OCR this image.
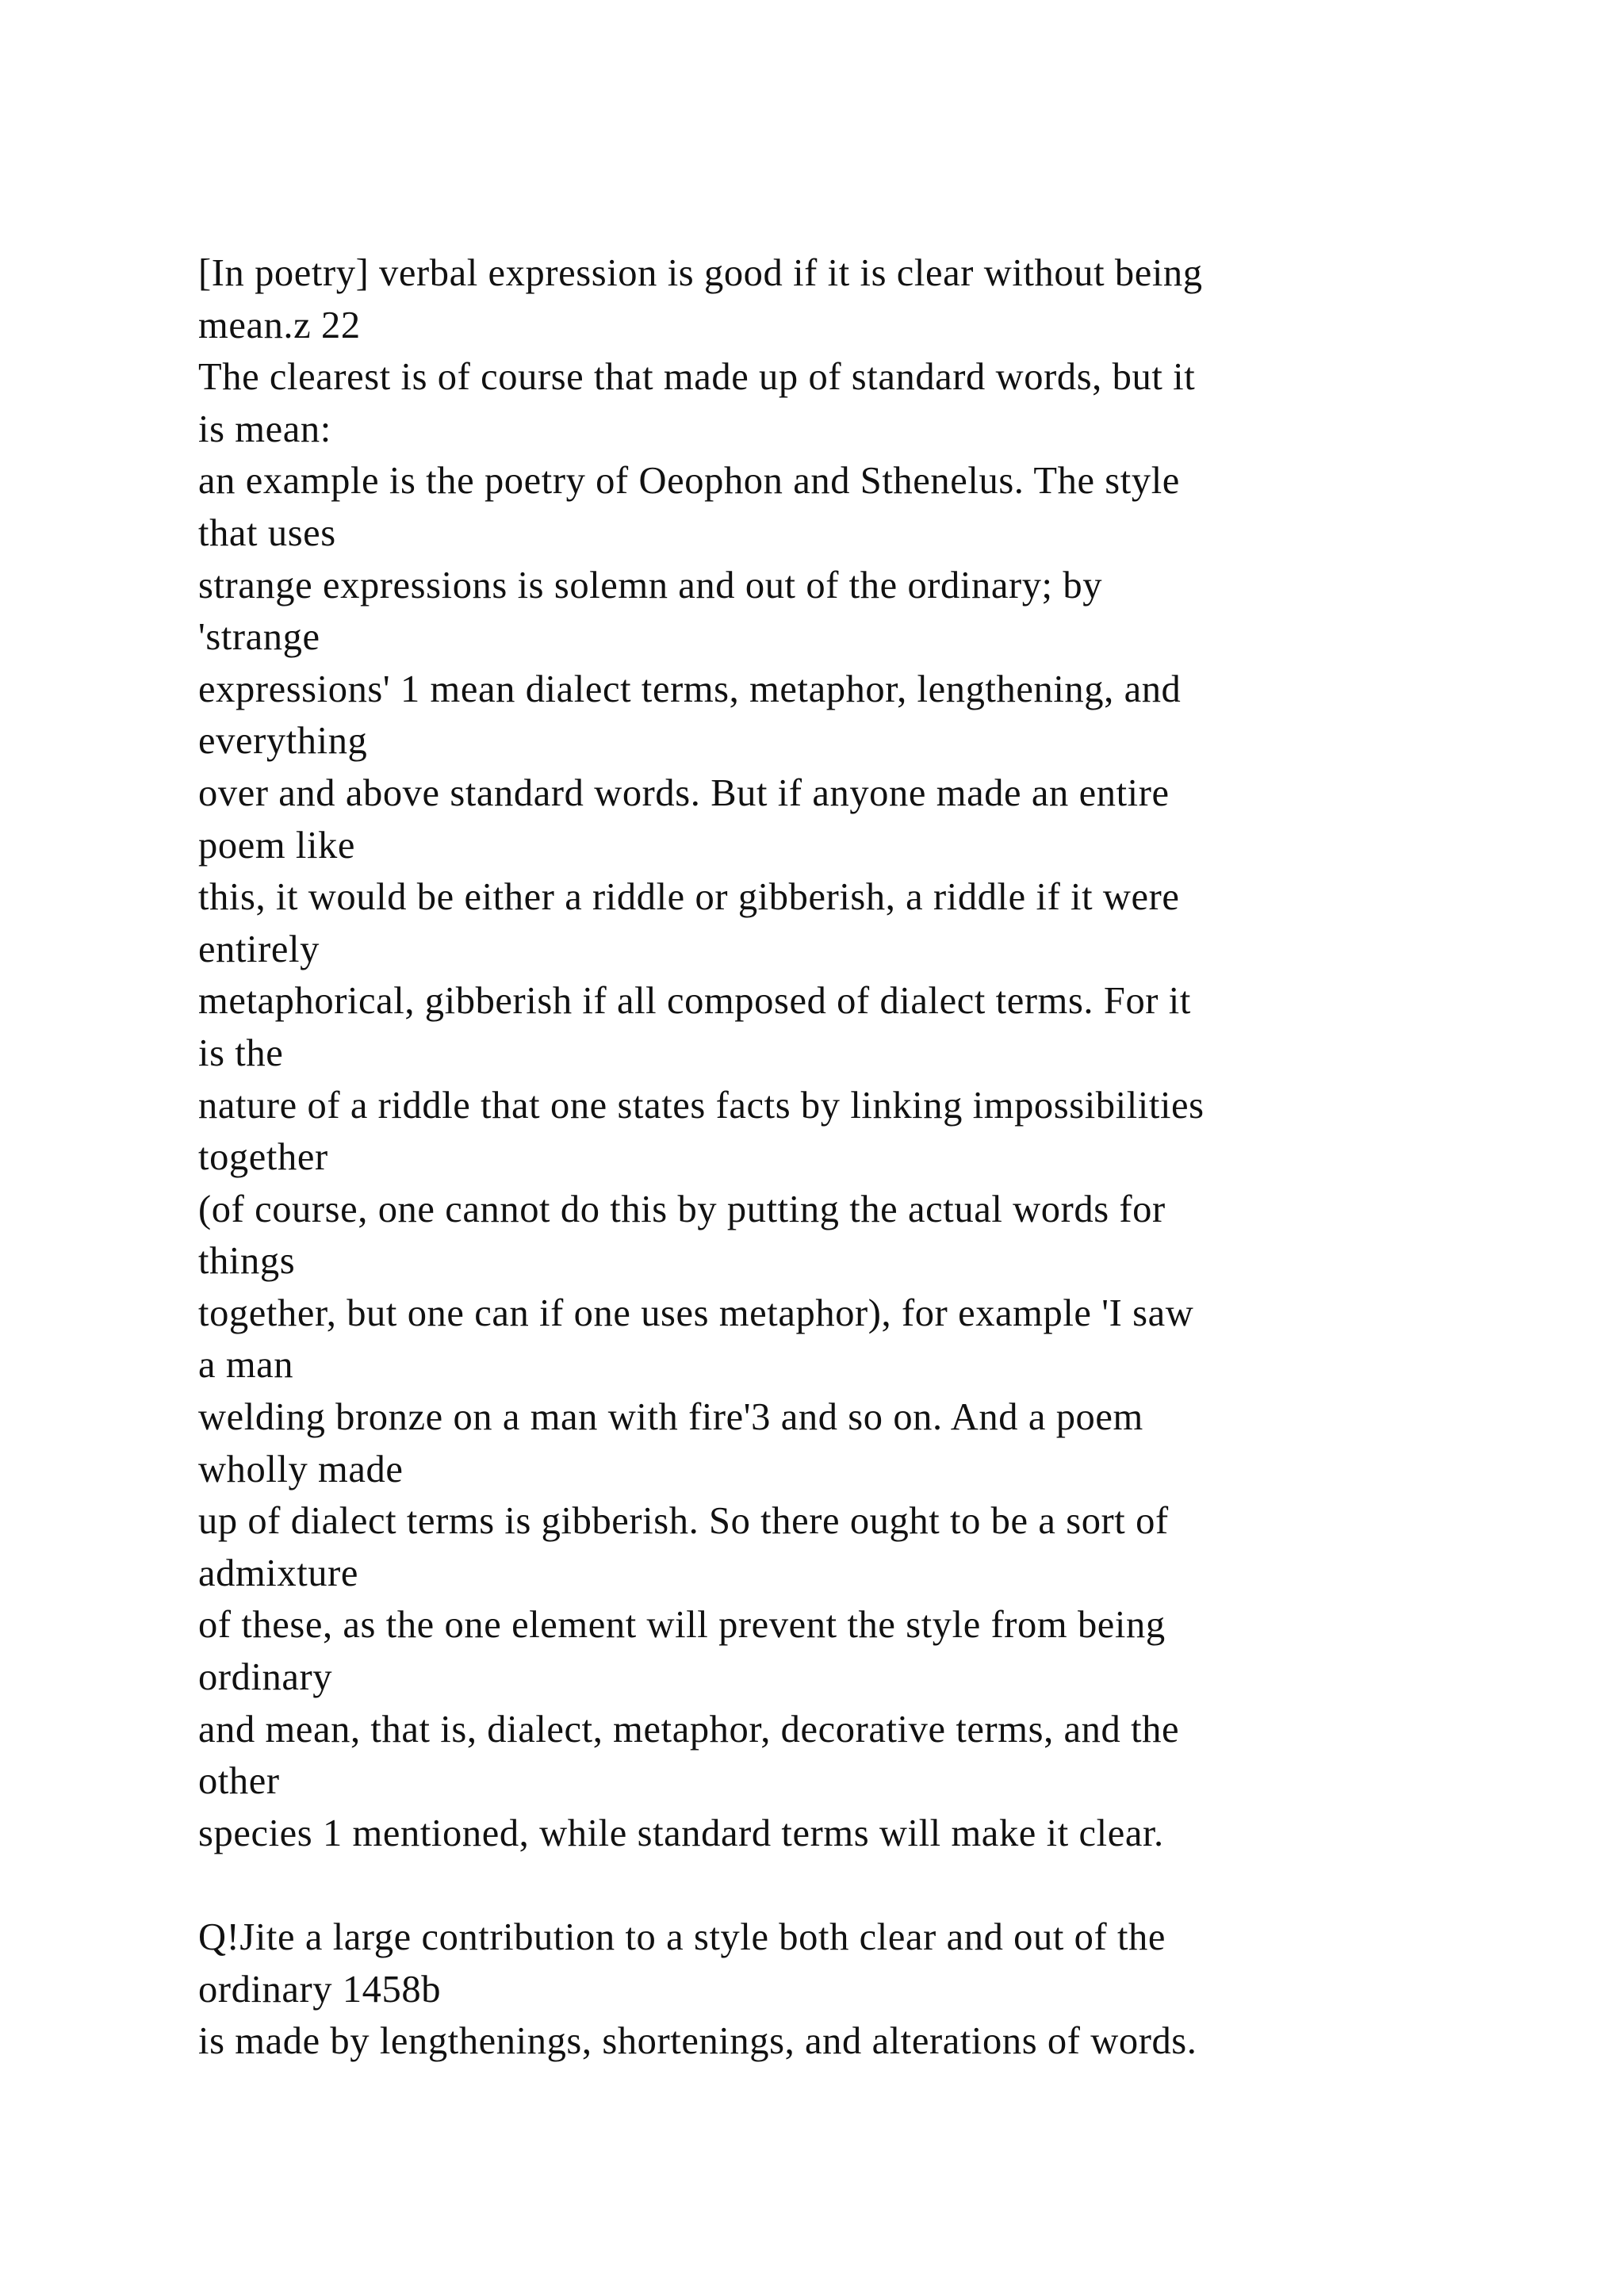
[In poetry] verbal expression is good if it is clear without being
mean.z 22
The clearest is of course that made up of standard words, but it
is mean:
an example is the poetry of Oeophon and Sthenelus. The style
that uses
strange expressions is solemn and out of the ordinary; by
'strange
expressions' 1 mean dialect terms, metaphor, lengthening, and
everything
over and above standard words. But if anyone made an entire
poem like
this, it would be either a riddle or gibberish, a riddle if it were
entirely
metaphorical, gibberish if all composed of dialect terms. For it
is the
nature of a riddle that one states facts by linking impossibilities
together
(of course, one cannot do this by putting the actual words for
things
together, but one can if one uses metaphor), for example 'I saw
a man
welding bronze on a man with fire'3 and so on. And a poem
wholly made
up of dialect terms is gibberish. So there ought to be a sort of
admixture
of these, as the one element will prevent the style from being
ordinary
and mean, that is, dialect, metaphor, decorative terms, and the
other
species 1 mentioned, while standard terms will make it clear.
Q!Jite a large contribution to a style both clear and out of the
ordinary 1458b
is made by lengthenings, shortenings, and alterations of words.
